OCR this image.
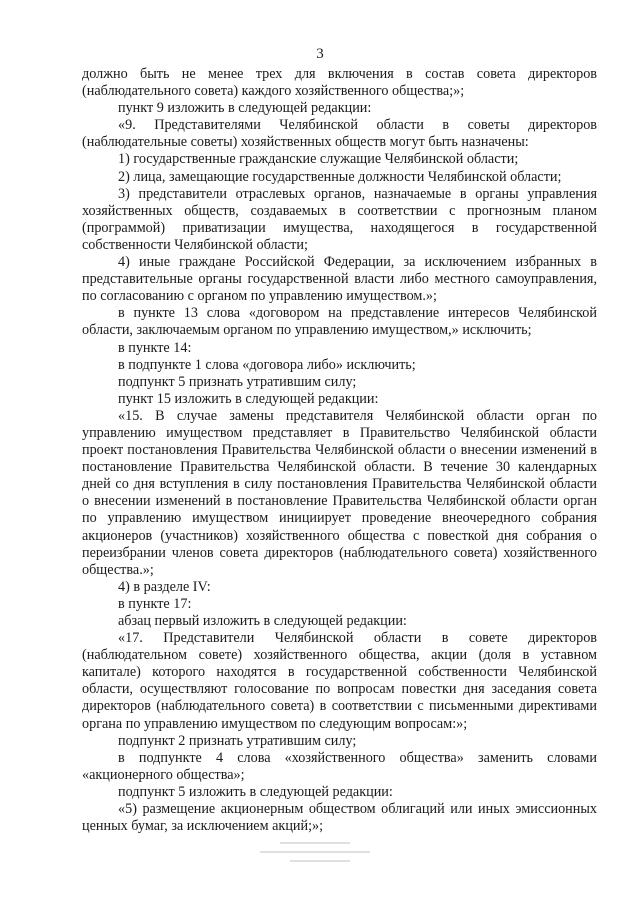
3

должно быть не менее трех для включения в состав совета директоров (наблюдательного совета) каждого хозяйственного общества;»;

пункт 9 изложить в следующей редакции:

«9. Представителями Челябинской области в советы директоров (наблюдательные советы) хозяйственных обществ могут быть назначены:

1) государственные гражданские служащие Челябинской области;

2) лица, замещающие государственные должности Челябинской области;

3) представители отраслевых органов, назначаемые в органы управления хозяйственных обществ, создаваемых в соответствии с прогнозным планом (программой) приватизации имущества, находящегося в государственной собственности Челябинской области;

4) иные граждане Российской Федерации, за исключением избранных в представительные органы государственной власти либо местного самоуправления, по согласованию с органом по управлению имуществом.»;

в пункте 13 слова «договором на представление интересов Челябинской области, заключаемым органом по управлению имуществом,» исключить;

в пункте 14:

в подпункте 1 слова «договора либо» исключить;

подпункт 5 признать утратившим силу;

пункт 15 изложить в следующей редакции:

«15. В случае замены представителя Челябинской области орган по управлению имуществом представляет в Правительство Челябинской области проект постановления Правительства Челябинской области о внесении изменений в постановление Правительства Челябинской области. В течение 30 календарных дней со дня вступления в силу постановления Правительства Челябинской области о внесении изменений в постановление Правительства Челябинской области орган по управлению имуществом инициирует проведение внеочередного собрания акционеров (участников) хозяйственного общества с повесткой дня собрания о переизбрании членов совета директоров (наблюдательного совета) хозяйственного общества.»;

4) в разделе IV:

в пункте 17:

абзац первый изложить в следующей редакции:

«17. Представители Челябинской области в совете директоров (наблюдательном совете) хозяйственного общества, акции (доля в уставном капитале) которого находятся в государственной собственности Челябинской области, осуществляют голосование по вопросам повестки дня заседания совета директоров (наблюдательного совета) в соответствии с письменными директивами органа по управлению имуществом по следующим вопросам:»;

подпункт 2 признать утратившим силу;

в подпункте 4 слова «хозяйственного общества» заменить словами «акционерного общества»;

подпункт 5 изложить в следующей редакции:

«5) размещение акционерным обществом облигаций или иных эмиссионных ценных бумаг, за исключением акций;»;
